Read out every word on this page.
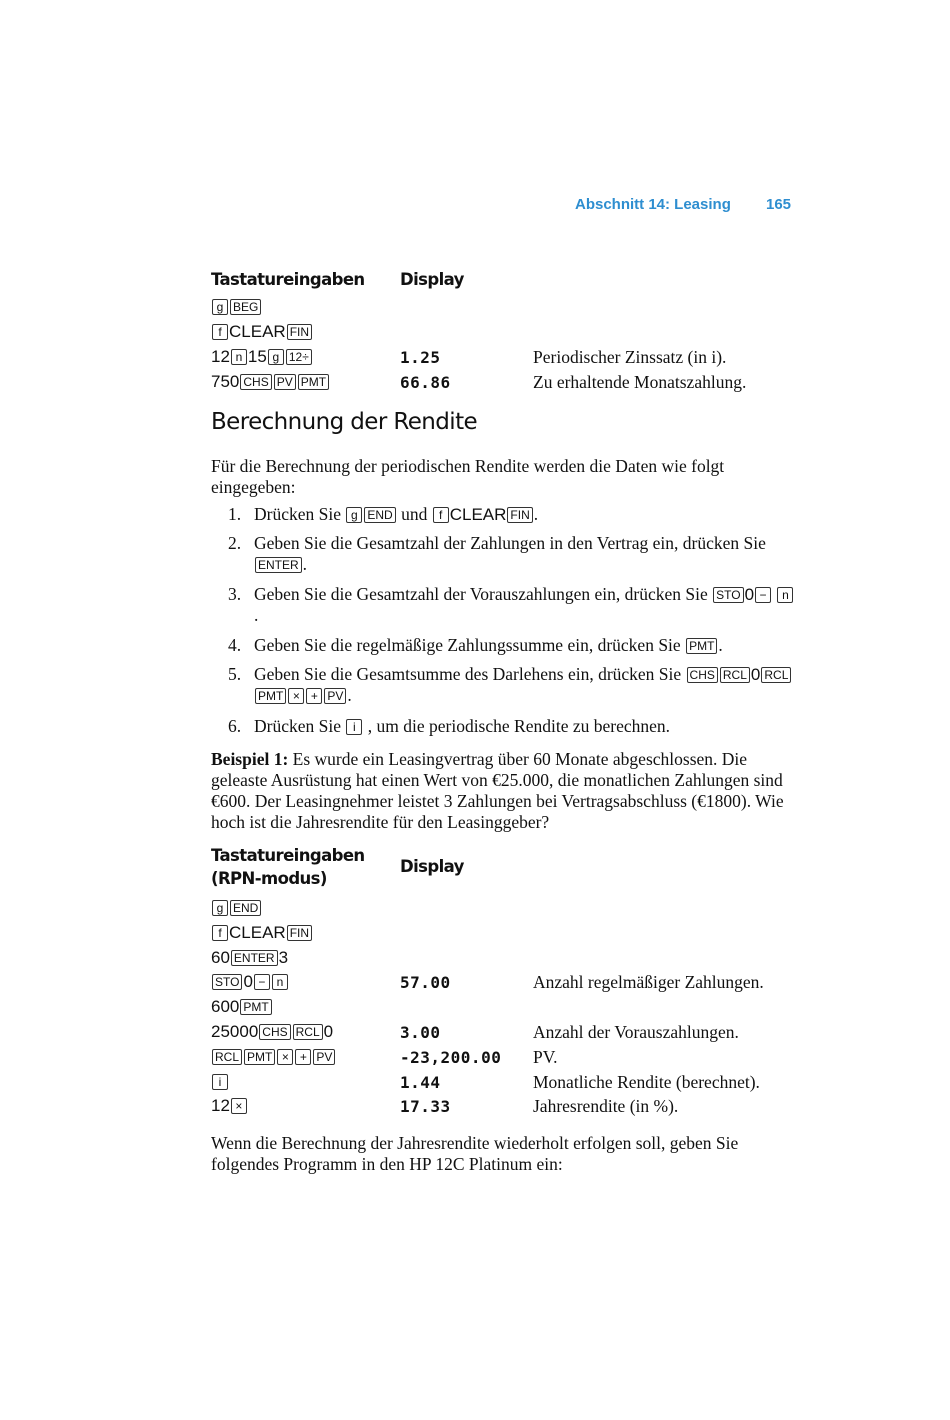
Abschnitt 14: Leasing 165
Tastatureingaben Display
g BEG
f CLEAR FIN
12 n 15 g 12÷	1.25	Periodischer Zinssatz (in i).
750 CHS PV PMT	66.86	Zu erhaltende Monatszahlung.
Berechnung der Rendite
Für die Berechnung der periodischen Rendite werden die Daten wie folgt eingegeben:
1. Drücken Sie g END und f CLEAR FIN .
2. Geben Sie die Gesamtzahl der Zahlungen in den Vertrag ein, drücken Sie ENTER .
3. Geben Sie die Gesamtzahl der Vorauszahlungen ein, drücken Sie STO 0 − n.
4. Geben Sie die regelmäßige Zahlungssumme ein, drücken Sie PMT .
5. Geben Sie die Gesamtsumme des Darlehens ein, drücken Sie CHS RCL 0 RCLPMT × + PV .
6. Drücken Sie i , um die periodische Rendite zu berechnen.
Beispiel 1: Es wurde ein Leasingvertrag über 60 Monate abgeschlossen. Die geleaste Ausrüstung hat einen Wert von €25.000, die monatlichen Zahlungen sind €600. Der Leasingnehmer leistet 3 Zahlungen bei Vertragsabschluss (€1800). Wie hoch ist die Jahresrendite für den Leasinggeber?
Tastatureingaben
(RPN-modus)
Display
g END
f CLEAR FIN
60 ENTER 3
STO 0 − n	57.00	Anzahl regelmäßiger Zahlungen.
600 PMT
25000 CHS RCL 0	3.00	Anzahl der Vorauszahlungen.
RCL PMT × + PV	-23,200.00 PV.
i	1.44	Monatliche Rendite (berechnet).
12 ×	17.33	Jahresrendite (in %).
Wenn die Berechnung der Jahresrendite wiederholt erfolgen soll, geben Sie folgendes Programm in den HP 12C Platinum ein:
